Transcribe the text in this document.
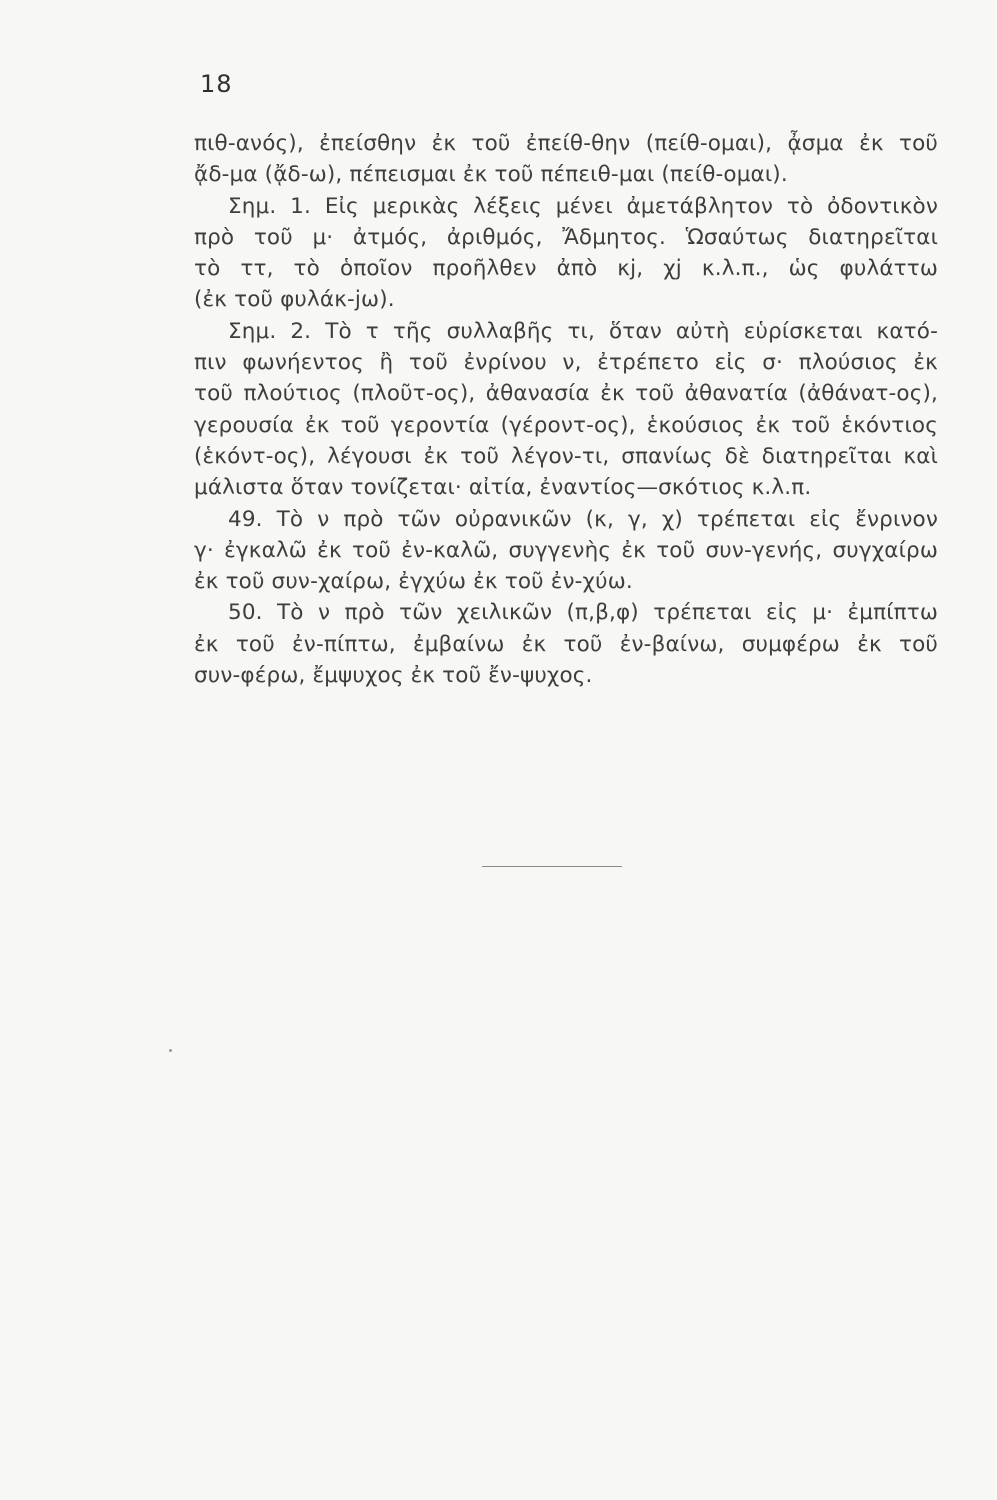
18
πιθ-ανός), ἐπείσθην ἐκ τοῦ ἐπείθ-θην (πείθ-ομαι), ᾆσμα ἐκ τοῦ
ᾄδ-μα (ᾄδ-ω), πέπεισμαι ἐκ τοῦ πέπειθ-μαι (πείθ-ομαι).
Σημ. 1. Εἰς μερικὰς λέξεις μένει ἀμετάβλητον τὸ ὀδοντικὸν
πρὸ τοῦ μ· ἀτμός, ἀριθμός, Ἄδμητος. Ὡσαύτως διατηρεῖται
τὸ ττ, τὸ ὁποῖον προῆλθεν ἀπὸ κj, χj κ.λ.π., ὡς φυλάττω
(ἐκ τοῦ φυλάκ-jω).
Σημ. 2. Τὸ τ τῆς συλλαβῆς τι, ὅταν αὐτὴ εὑρίσκεται κατό-
πιν φωνήεντος ἢ τοῦ ἐνρίνου ν, ἐτρέπετο εἰς σ· πλούσιος ἐκ
τοῦ πλούτιος (πλοῦτ-ος), ἀθανασία ἐκ τοῦ ἀθανατία (ἀθάνατ-ος),
γερουσία ἐκ τοῦ γεροντία (γέροντ-ος), ἑκούσιος ἐκ τοῦ ἑκόντιος
(ἑκόντ-ος), λέγουσι ἐκ τοῦ λέγον-τι, σπανίως δὲ διατηρεῖται καὶ
μάλιστα ὅταν τονίζεται· αἰτία, ἐναντίος—σκότιος κ.λ.π.
49. Τὸ ν πρὸ τῶν οὐρανικῶν (κ, γ, χ) τρέπεται εἰς ἔνρινον
γ· ἐγκαλῶ ἐκ τοῦ ἐν-καλῶ, συγγενὴς ἐκ τοῦ συν-γενής, συγχαίρω
ἐκ τοῦ συν-χαίρω, ἐγχύω ἐκ τοῦ ἐν-χύω.
50. Τὸ ν πρὸ τῶν χειλικῶν (π,β,φ) τρέπεται εἰς μ· ἐμπίπτω
ἐκ τοῦ ἐν-πίπτω, ἐμβαίνω ἐκ τοῦ ἐν-βαίνω, συμφέρω ἐκ τοῦ
συν-φέρω, ἔμψυχος ἐκ τοῦ ἔν-ψυχος.
